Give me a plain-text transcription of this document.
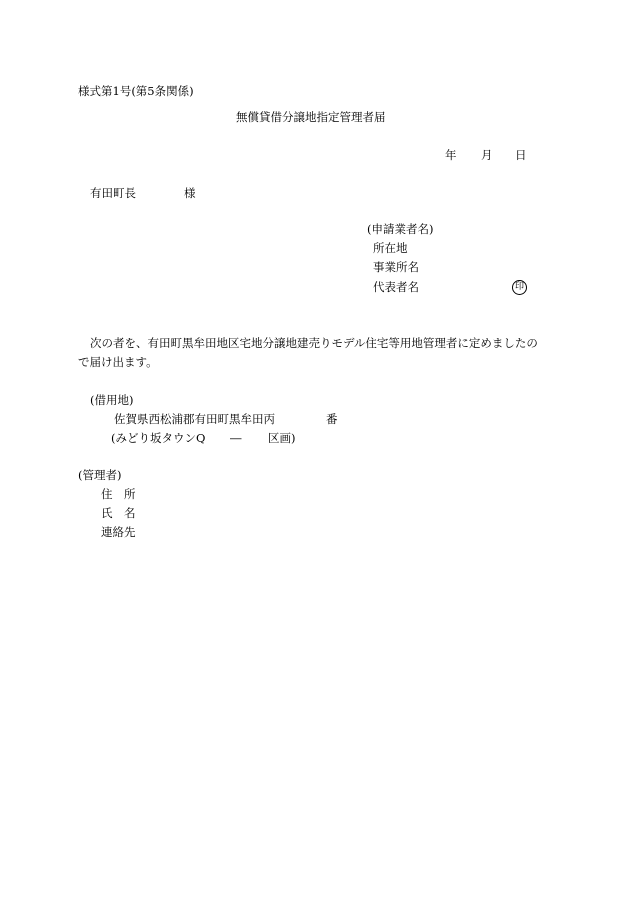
様式第1号(第5条関係)
無償貸借分譲地指定管理者届
年 月 日
有田町長	様
(申請業者名)
所在地
事業所名
代表者名	印
次の者を、有田町黒牟田地区宅地分譲地建売りモデル住宅等用地管理者に定めましたの
で届け出ます。
(借用地)
佐賀県西松浦郡有田町黒牟田丙	番
(みどり坂タウンQ ― 区画)
(管理者)
住　所
氏　名
連絡先
